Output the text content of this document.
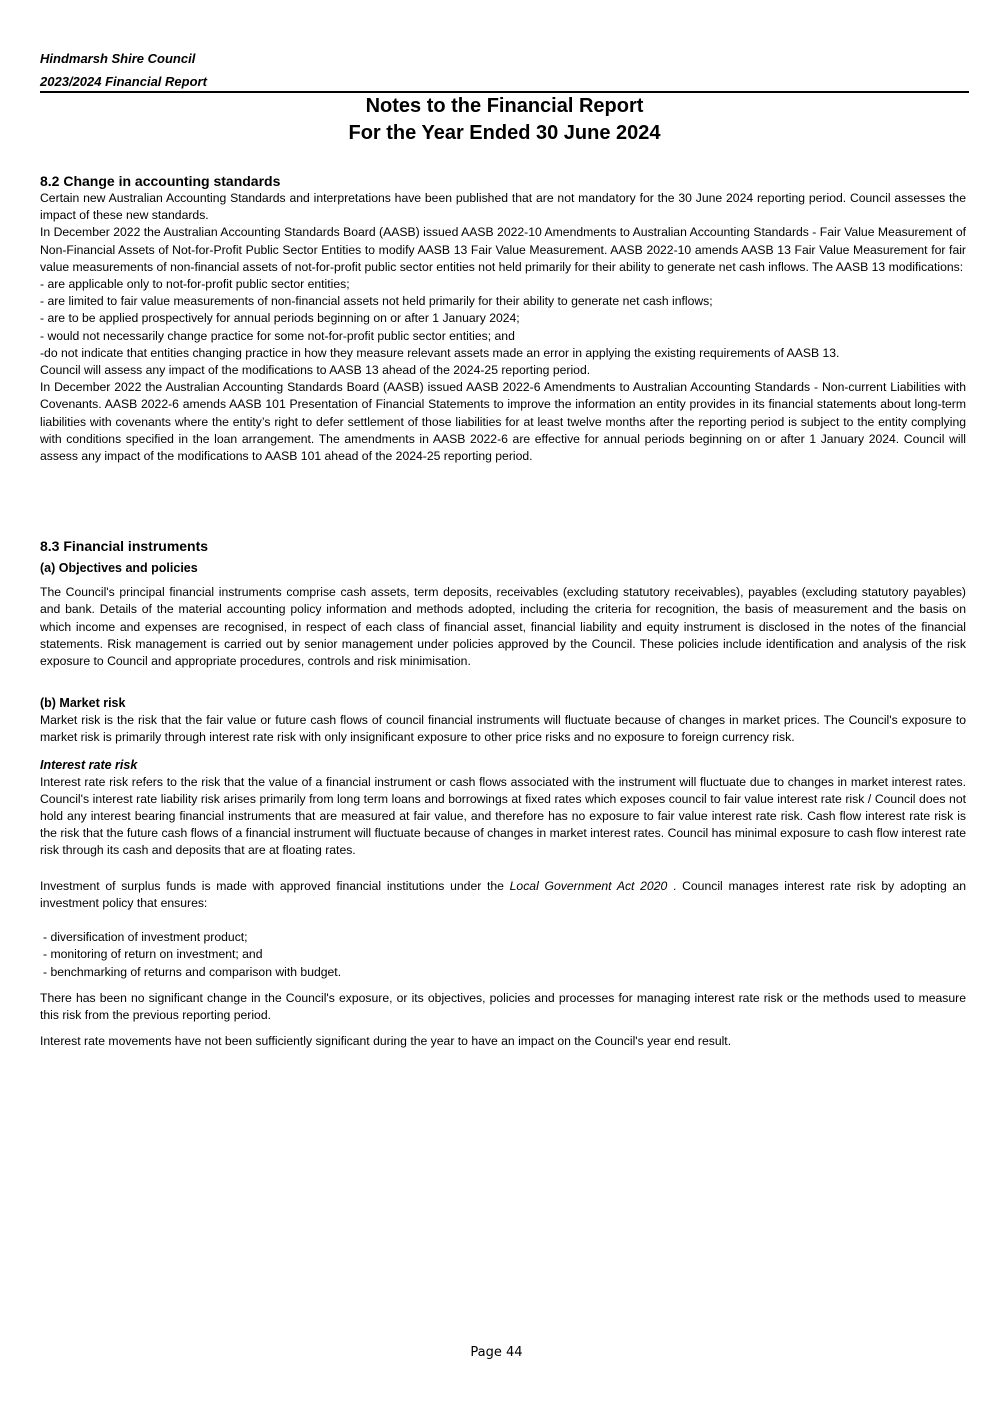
Hindmarsh Shire Council
2023/2024 Financial Report
Notes to the Financial Report
For the Year Ended 30 June 2024
8.2 Change in accounting standards

Certain new Australian Accounting Standards and interpretations have been published that are not mandatory for the 30 June 2024 reporting period. Council assesses the impact of these new standards.

In December 2022 the Australian Accounting Standards Board (AASB) issued AASB 2022-10 Amendments to Australian Accounting Standards - Fair Value Measurement of Non-Financial Assets of Not-for-Profit Public Sector Entities to modify AASB 13 Fair Value Measurement. AASB 2022-10 amends AASB 13 Fair Value Measurement for fair value measurements of non-financial assets of not-for-profit public sector entities not held primarily for their ability to generate net cash inflows. The AASB 13 modifications:

- are applicable only to not-for-profit public sector entities;

- are limited to fair value measurements of non-financial assets not held primarily for their ability to generate net cash inflows;

- are to be applied prospectively for annual periods beginning on or after 1 January 2024;

- would not necessarily change practice for some not-for-profit public sector entities; and

-do not indicate that entities changing practice in how they measure relevant assets made an error in applying the existing requirements of AASB 13.

Council will assess any impact of the modifications to AASB 13 ahead of the 2024-25 reporting period.

In December 2022 the Australian Accounting Standards Board (AASB) issued AASB 2022-6 Amendments to Australian Accounting Standards - Non-current Liabilities with Covenants. AASB 2022-6 amends AASB 101 Presentation of Financial Statements to improve the information an entity provides in its financial statements about long-term liabilities with covenants where the entity’s right to defer settlement of those liabilities for at least twelve months after the reporting period is subject to the entity complying with conditions specified in the loan arrangement. The amendments in AASB 2022-6 are effective for annual periods beginning on or after 1 January 2024. Council will assess any impact of the modifications to AASB 101 ahead of the 2024-25 reporting period.

8.3 Financial instruments
(a) Objectives and policies

The Council's principal financial instruments comprise cash assets, term deposits, receivables (excluding statutory receivables), payables (excluding statutory payables) and bank. Details of the material accounting policy information and methods adopted, including the criteria for recognition, the basis of measurement and the basis on which income and expenses are recognised, in respect of each class of financial asset, financial liability and equity instrument is disclosed in the notes of the financial statements. Risk management is carried out by senior management under policies approved by the Council. These policies include identification and analysis of the risk exposure to Council and appropriate procedures, controls and risk minimisation.

(b) Market risk

Market risk is the risk that the fair value or future cash flows of council financial instruments will fluctuate because of changes in market prices. The Council's exposure to market risk is primarily through interest rate risk with only insignificant exposure to other price risks and no exposure to foreign currency risk.

Interest rate risk

Interest rate risk refers to the risk that the value of a financial instrument or cash flows associated with the instrument will fluctuate due to changes in market interest rates. Council's interest rate liability risk arises primarily from long term loans and borrowings at fixed rates which exposes council to fair value interest rate risk / Council does not hold any interest bearing financial instruments that are measured at fair value, and therefore has no exposure to fair value interest rate risk. Cash flow interest rate risk is the risk that the future cash flows of a financial instrument will fluctuate because of changes in market interest rates. Council has minimal exposure to cash flow interest rate risk through its cash and deposits that are at floating rates.

Investment of surplus funds is made with approved financial institutions under the Local Government Act 2020 . Council manages interest rate risk by adopting an investment policy that ensures:

- diversification of investment product;

- monitoring of return on investment; and

- benchmarking of returns and comparison with budget.

There has been no significant change in the Council's exposure, or its objectives, policies and processes for managing interest rate risk or the methods used to measure this risk from the previous reporting period.

Interest rate movements have not been sufficiently significant during the year to have an impact on the Council's year end result.

Page 44
